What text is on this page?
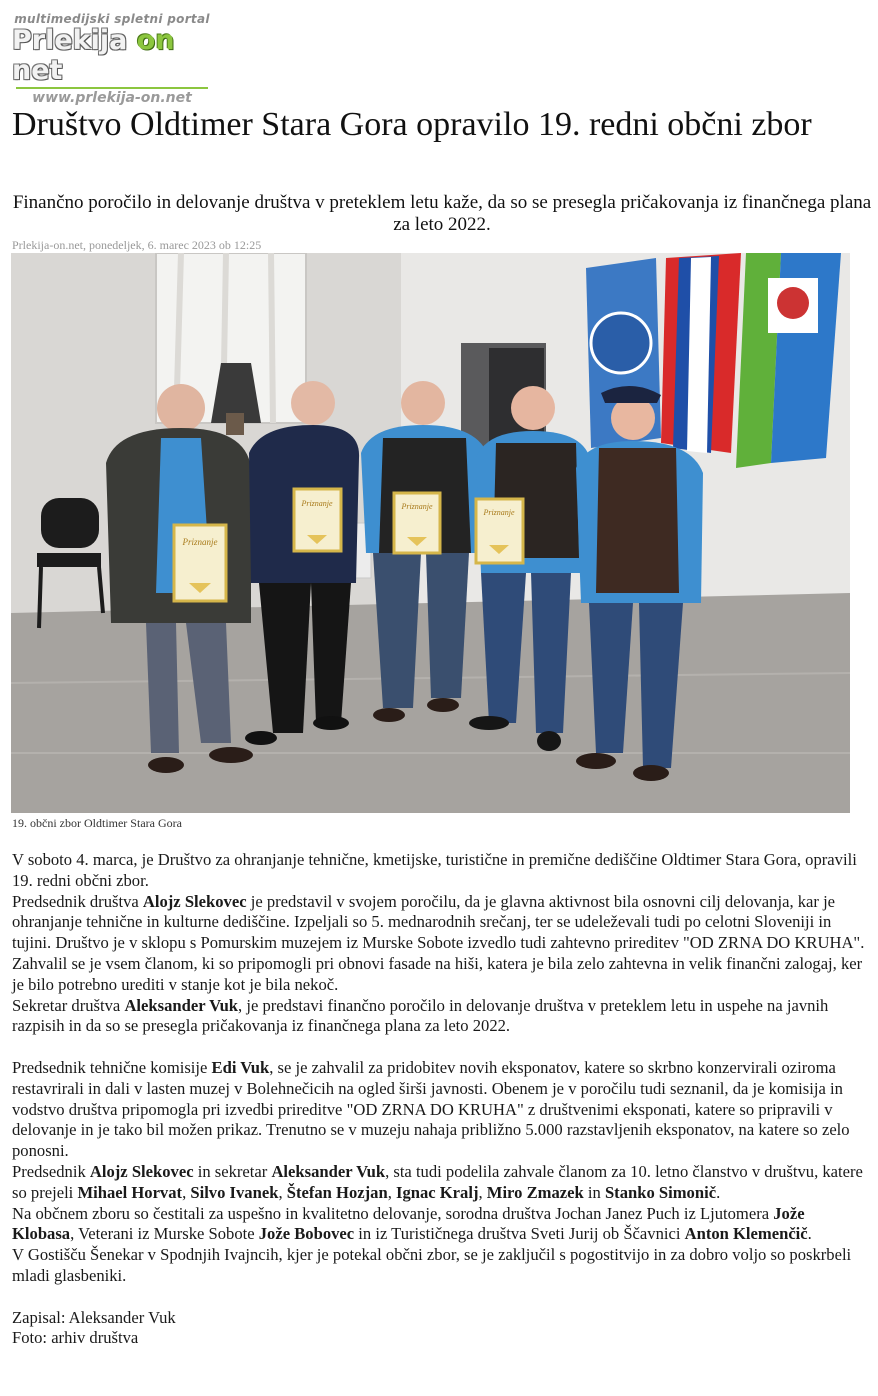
multimedijski spletni portal
Prlekija on net
www.prlekija-on.net
Društvo Oldtimer Stara Gora opravilo 19. redni občni zbor

Finančno poročilo in delovanje društva v preteklem letu kaže, da so se presegla pričakovanja iz finančnega plana za leto 2022.

Prlekija-on.net, ponedeljek, 6. marec 2023 ob 12:25
Priznanje
Priznanje	Priznanje
Priznanje
19. občni zbor Oldtimer Stara Gora

V soboto 4. marca, je Društvo za ohranjanje tehnične, kmetijske, turistične in premične dediščine Oldtimer Stara Gora, opravili 19. redni občni zbor.

Predsednik društva Alojz Slekovec je predstavil v svojem poročilu, da je glavna aktivnost bila osnovni cilj delovanja, kar je ohranjanje tehnične in kulturne dediščine. Izpeljali so 5. mednarodnih srečanj, ter se udeleževali tudi po celotni Sloveniji in tujini. Društvo je v sklopu s Pomurskim muzejem iz Murske Sobote izvedlo tudi zahtevno prireditev "OD ZRNA DO KRUHA". Zahvalil se je vsem članom, ki so pripomogli pri obnovi fasade na hiši, katera je bila zelo zahtevna in velik finančni zalogaj, ker je bilo potrebno urediti v stanje kot je bila nekoč.

Sekretar društva Aleksander Vuk, je predstavi finančno poročilo in delovanje društva v preteklem letu in uspehe na javnih razpisih in da so se presegla pričakovanja iz finančnega plana za leto 2022.

Predsednik tehnične komisije Edi Vuk, se je zahvalil za pridobitev novih eksponatov, katere so skrbno konzervirali oziroma restavrirali in dali v lasten muzej v Bolehnečicih na ogled širši javnosti. Obenem je v poročilu tudi seznanil, da je komisija in vodstvo društva pripomogla pri izvedbi prireditve "OD ZRNA DO KRUHA" z društvenimi eksponati, katere so pripravili v delovanje in je tako bil možen prikaz. Trenutno se v muzeju nahaja približno 5.000 razstavljenih eksponatov, na katere so zelo ponosni.

Predsednik Alojz Slekovec in sekretar Aleksander Vuk, sta tudi podelila zahvale članom za 10. letno članstvo v društvu, katere so prejeli Mihael Horvat, Silvo Ivanek, Štefan Hozjan, Ignac Kralj, Miro Zmazek in Stanko Simonič.

Na občnem zboru so čestitali za uspešno in kvalitetno delovanje, sorodna društva Jochan Janez Puch iz Ljutomera Jože Klobasa, Veterani iz Murske Sobote Jože Bobovec in iz Turističnega društva Sveti Jurij ob Ščavnici Anton Klemenčič.

V Gostišču Šenekar v Spodnjih Ivajncih, kjer je potekal občni zbor, se je zaključil s pogostitvijo in za dobro voljo so poskrbeli mladi glasbeniki.

Zapisal: Aleksander Vuk

Foto: arhiv društva
